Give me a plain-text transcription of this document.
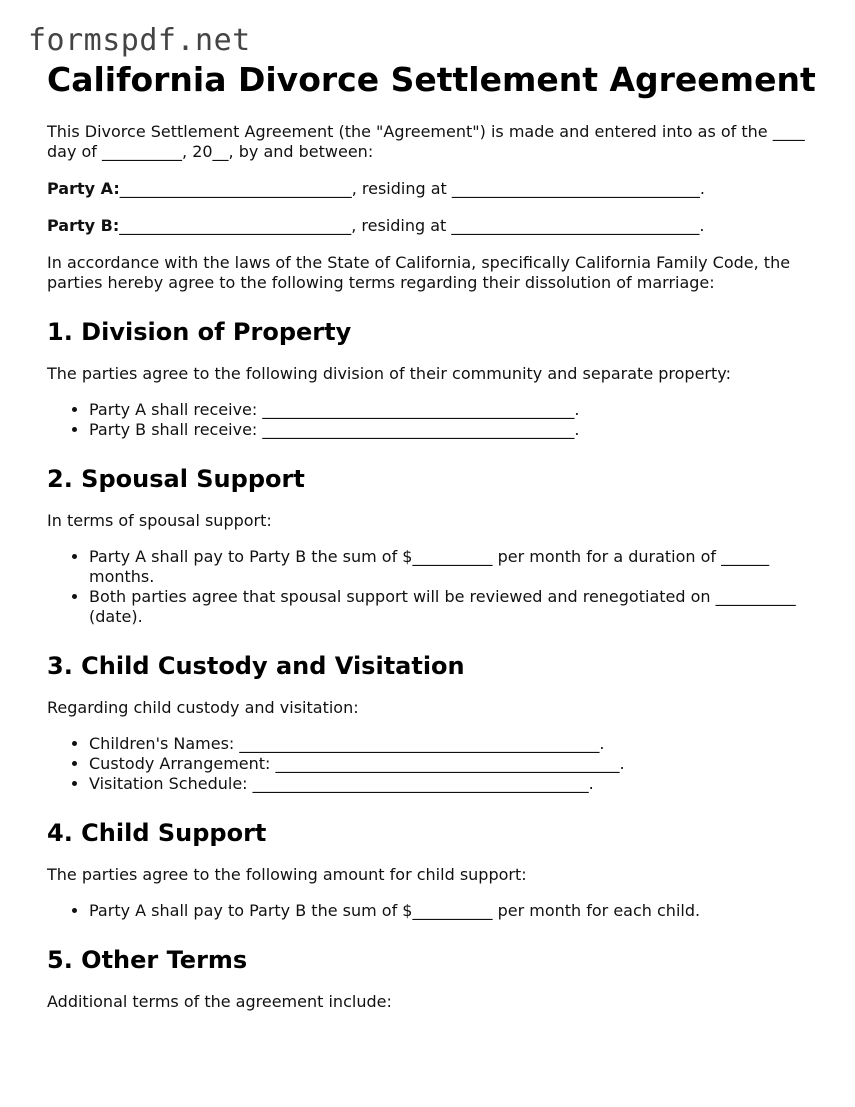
formspdf.net
California Divorce Settlement Agreement

This Divorce Settlement Agreement (the "Agreement") is made and entered into as of the ____ day of __________, 20__, by and between:

Party A:_____________________________, residing at _______________________________.

Party B:_____________________________, residing at _______________________________.

In accordance with the laws of the State of California, specifically California Family Code, the parties hereby agree to the following terms regarding their dissolution of marriage:

1. Division of Property

The parties agree to the following division of their community and separate property:

• Party A shall receive: _______________________________________.
• Party B shall receive: _______________________________________.
2. Spousal Support

In terms of spousal support:

• Party A shall pay to Party B the sum of $__________ per month for a duration of ______ months.
• Both parties agree that spousal support will be reviewed and renegotiated on __________ (date).
3. Child Custody and Visitation

Regarding child custody and visitation:

• Children's Names: _____________________________________________.
• Custody Arrangement: ___________________________________________.
• Visitation Schedule: __________________________________________.
4. Child Support

The parties agree to the following amount for child support:

• Party A shall pay to Party B the sum of $__________ per month for each child.
5. Other Terms

Additional terms of the agreement include:
